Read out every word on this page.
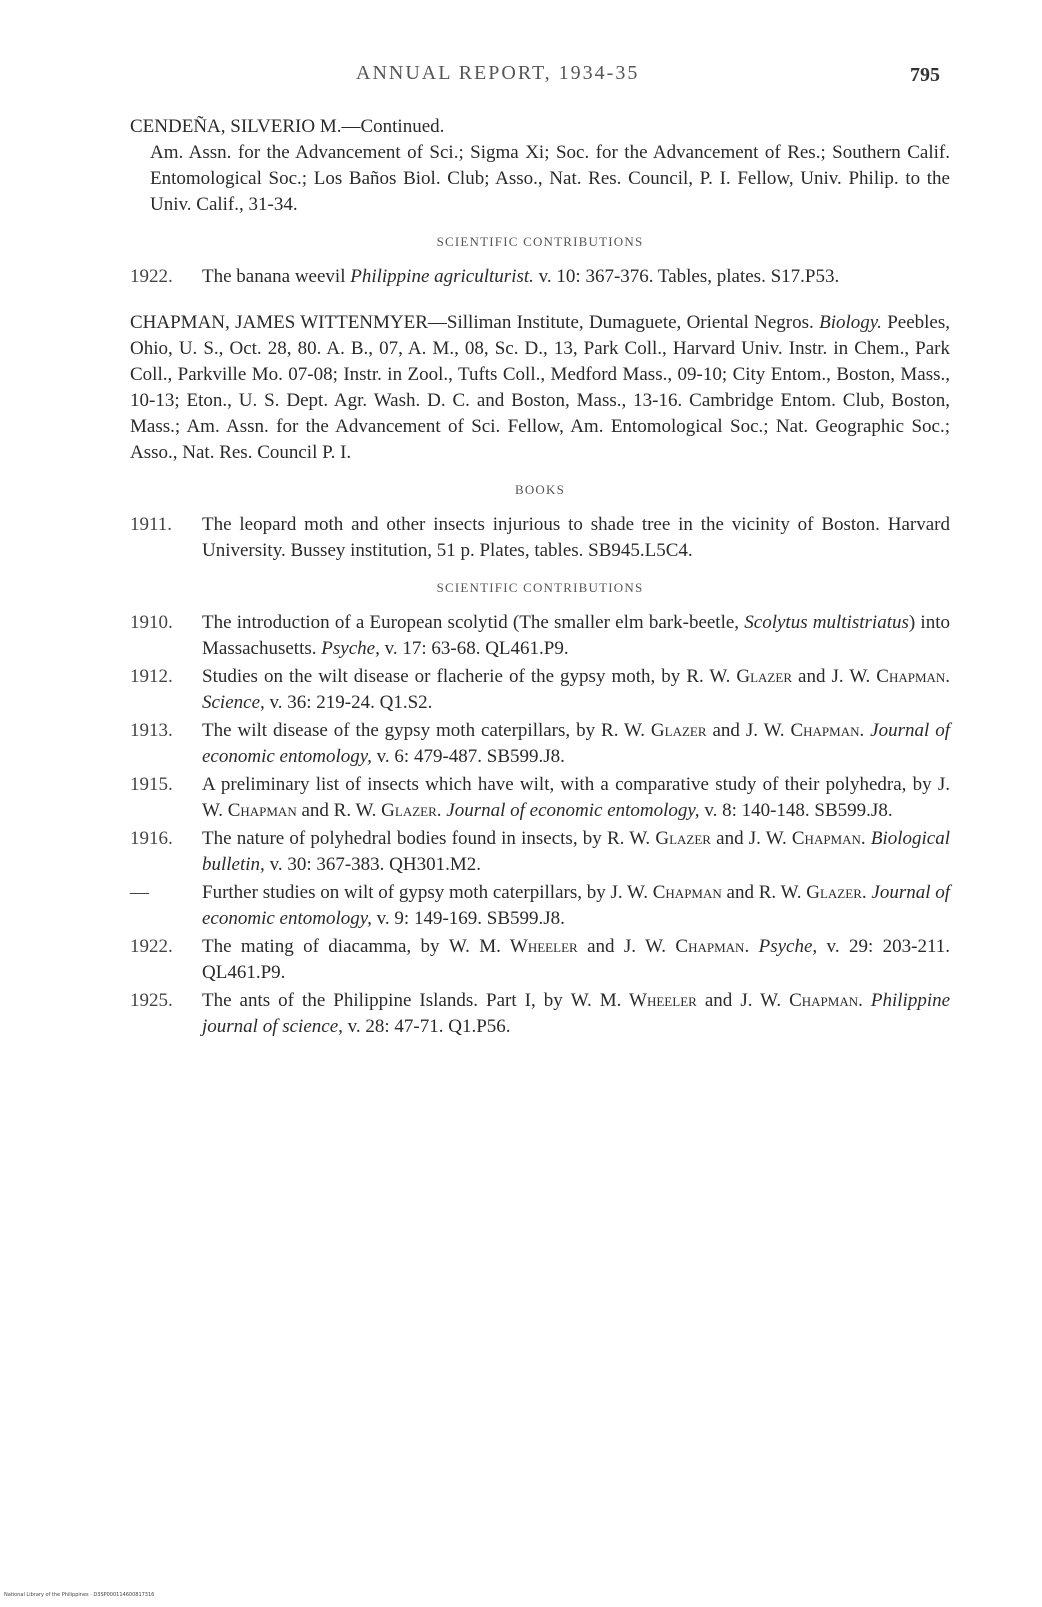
ANNUAL REPORT, 1934-35	795

CENDEÑA, SILVERIO M.—Continued.

Am. Assn. for the Advancement of Sci.; Sigma Xi; Soc. for the Advancement of Res.; Southern Calif. Entomological Soc.; Los Baños Biol. Club; Asso., Nat. Res. Council, P. I. Fellow, Univ. Philip. to the Univ. Calif., 31-34.

SCIENTIFIC CONTRIBUTIONS
1922.	The banana weevil Philippine agriculturist. v. 10: 367-376. Tables, plates. S17.P53.

CHAPMAN, JAMES WITTENMYER—Silliman Institute, Dumaguete, Oriental Negros. Biology. Peebles, Ohio, U. S., Oct. 28, 80. A. B., 07, A. M., 08, Sc. D., 13, Park Coll., Harvard Univ. Instr. in Chem., Park Coll., Parkville Mo. 07-08; Instr. in Zool., Tufts Coll., Medford Mass., 09-10; City Entom., Boston, Mass., 10-13; Eton., U. S. Dept. Agr. Wash. D. C. and Boston, Mass., 13-16. Cambridge Entom. Club, Boston, Mass.; Am. Assn. for the Advancement of Sci. Fellow, Am. Entomological Soc.; Nat. Geographic Soc.; Asso., Nat. Res. Council P. I.

BOOKS
1911.	The leopard moth and other insects injurious to shade tree in the vicinity of Boston. Harvard University. Bussey institution, 51 p. Plates, tables. SB945.L5C4.
SCIENTIFIC CONTRIBUTIONS
1910.	The introduction of a European scolytid (The smaller elm bark-beetle, Scolytus multistriatus) into Massachusetts. Psyche, v. 17: 63-68. QL461.P9.
1912.	Studies on the wilt disease or flacherie of the gypsy moth, by R. W. Glazer and J. W. Chapman. Science, v. 36: 219-24. Q1.S2.
1913.	The wilt disease of the gypsy moth caterpillars, by R. W. Glazer and J. W. Chapman. Journal of economic entomology, v. 6: 479-487. SB599.J8.
1915.	A preliminary list of insects which have wilt, with a comparative study of their polyhedra, by J. W. Chapman and R. W. Glazer. Journal of economic entomology, v. 8: 140-148. SB599.J8.
1916.	The nature of polyhedral bodies found in insects, by R. W. Glazer and J. W. Chapman. Biological bulletin, v. 30: 367-383. QH301.M2.
—	Further studies on wilt of gypsy moth caterpillars, by J. W. Chapman and R. W. Glazer. Journal of economic entomology, v. 9: 149-169. SB599.J8.
1922.	The mating of diacamma, by W. M. Wheeler and J. W. Chapman. Psyche, v. 29: 203-211. QL461.P9.
1925.	The ants of the Philippine Islands. Part I, by W. M. Wheeler and J. W. Chapman. Philippine journal of science, v. 28: 47-71. Q1.P56.
National Library of the Philippines · D3SP000114600817316
